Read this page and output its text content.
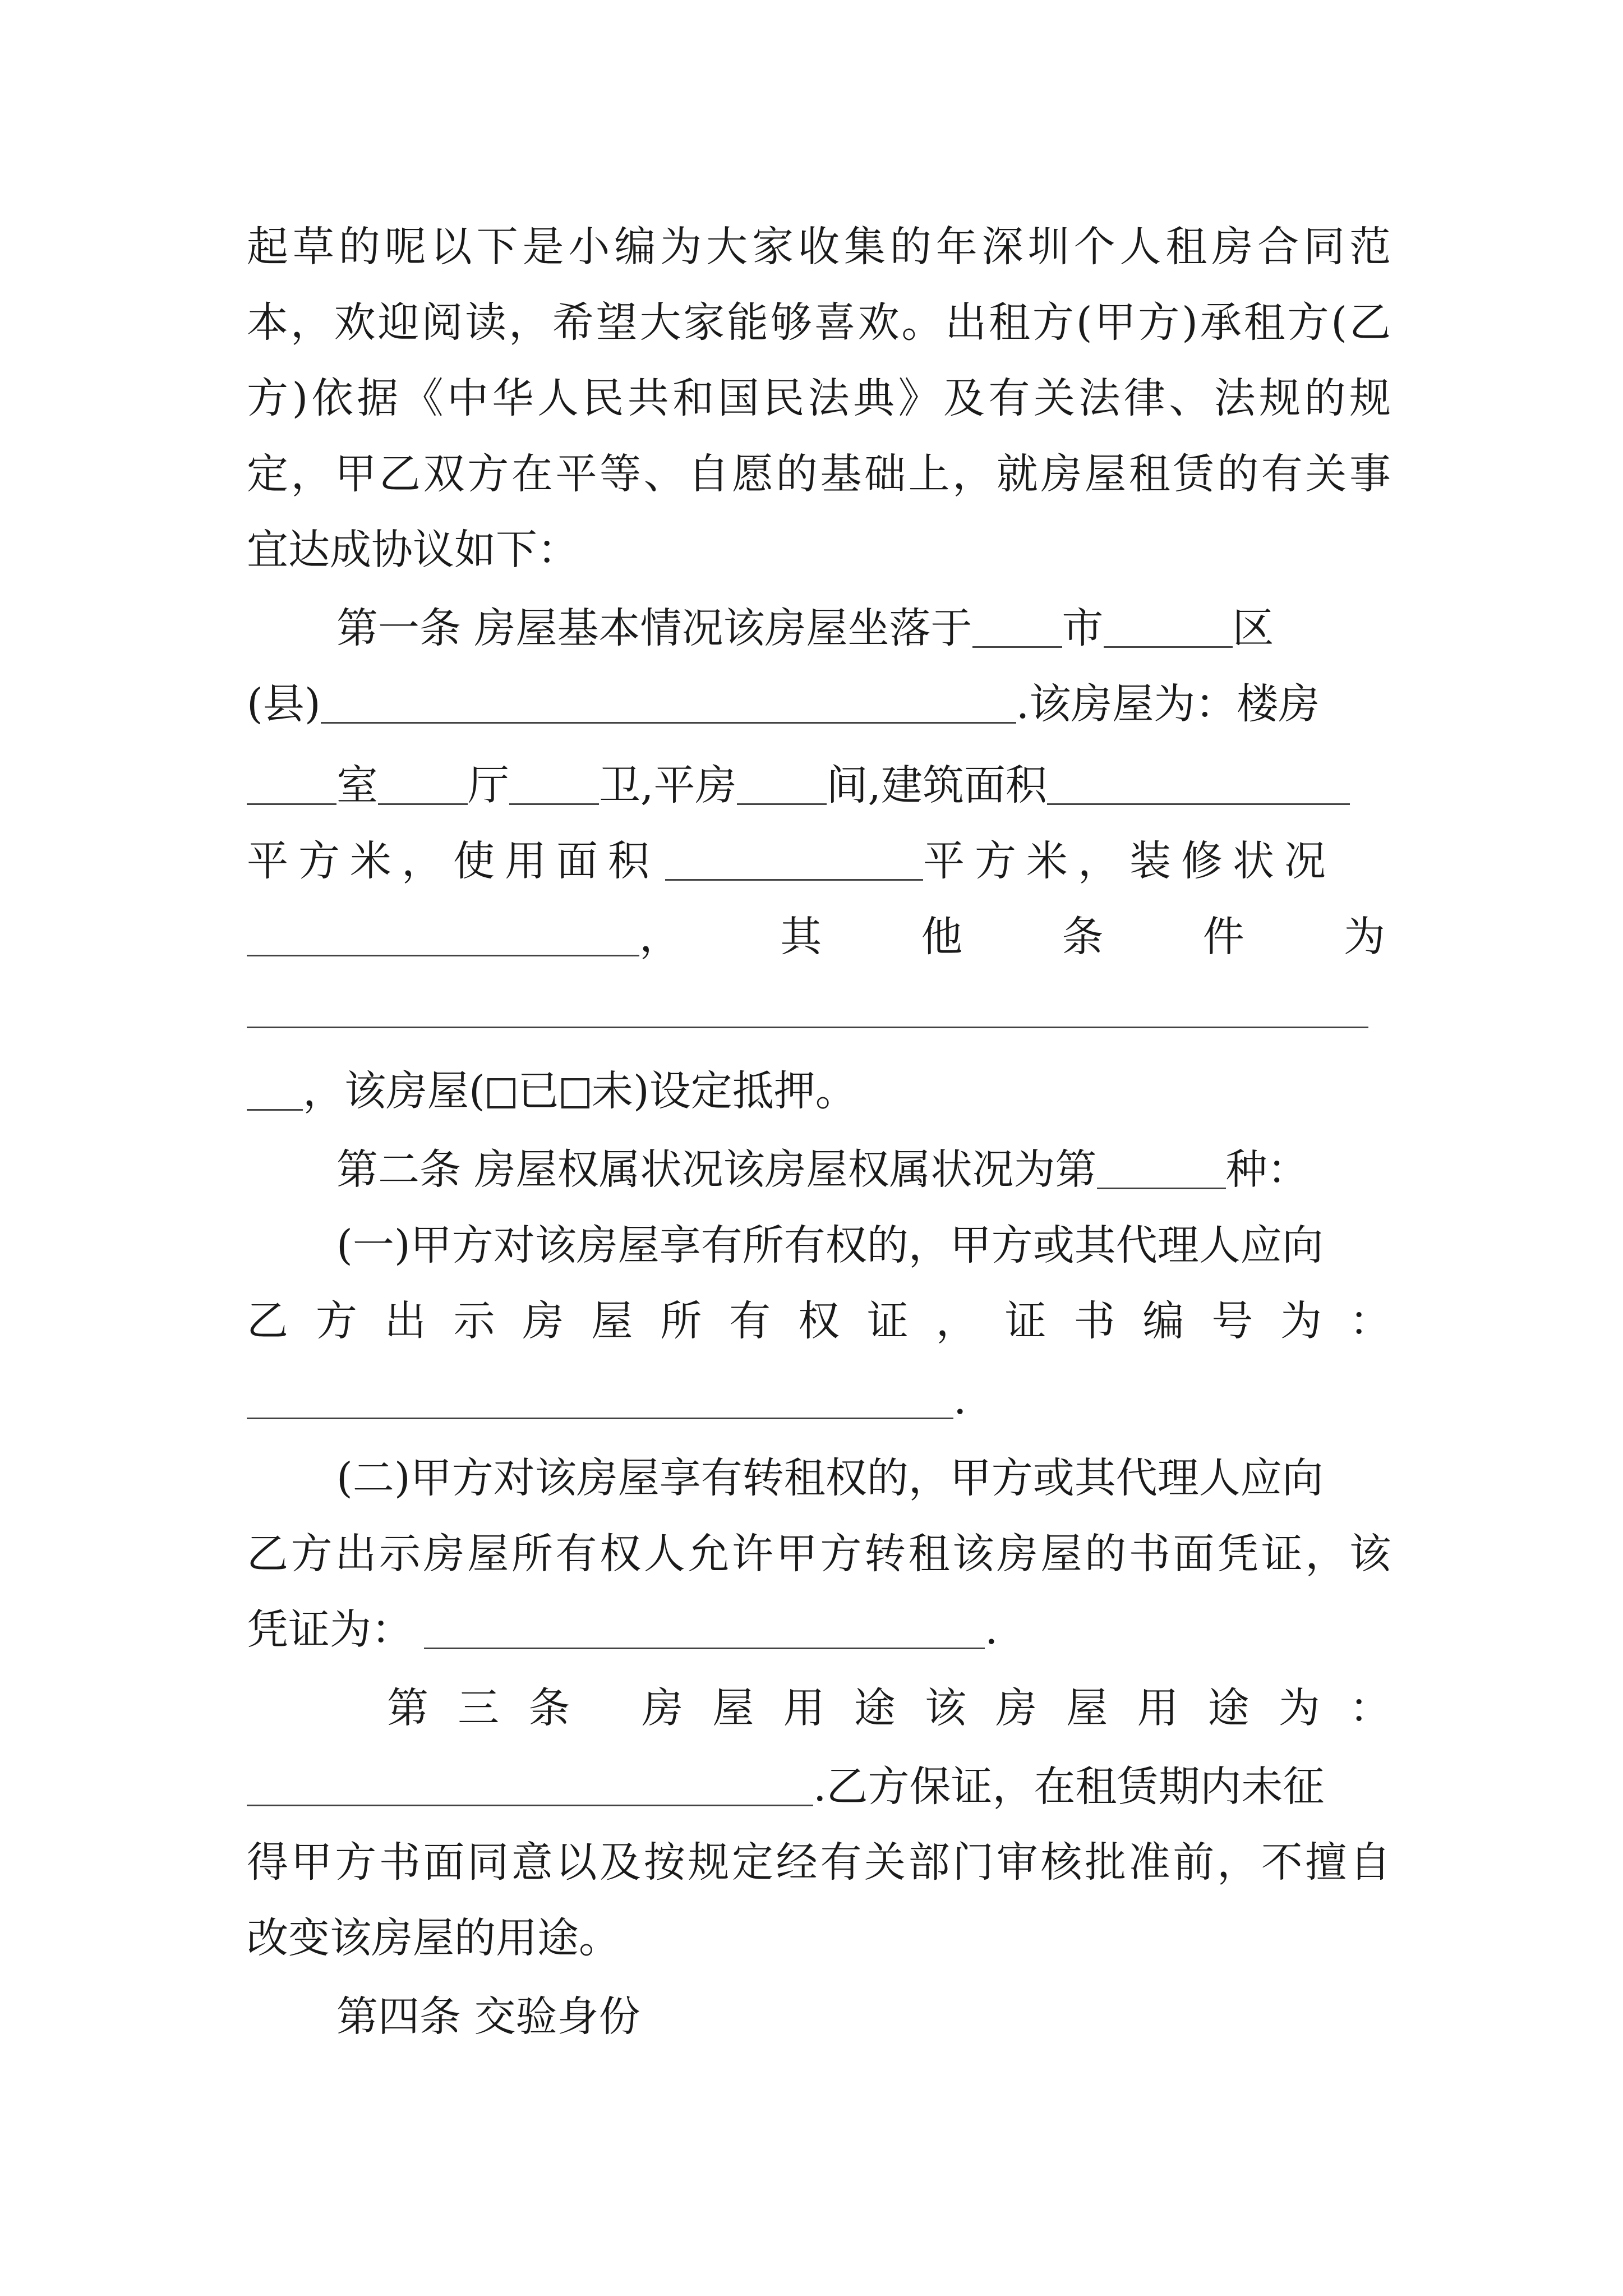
起草的呢以下是小编为大家收集的年深圳个人租房合同范
本，欢迎阅读，希望大家能够喜欢。出租方(甲方)承租方(乙
方)依据《中华人民共和国民法典》及有关法律、法规的规
定，甲乙双方在平等、自愿的基础上，就房屋租赁的有关事
宜达成协议如下：
第一条 房屋基本情况该房屋坐落于 市	区
(县)	.该房屋为：楼房
室 厅 卫,平房 间,建筑面积
平方米，使用面积	平方米，装修状况
，其他条件为
，该房屋( 已 未)设定抵押。
第二条 房屋权属状况该房屋权属状况为第	种：
(一)甲方对该房屋享有所有权的，甲方或其代理人应向
乙方出示房屋所有权证，证书编号为：
.
(二)甲方对该房屋享有转租权的，甲方或其代理人应向
乙方出示房屋所有权人允许甲方转租该房屋的书面凭证，该
凭证为：	.
第三条 房屋用途该房屋用途为：
.乙方保证，在租赁期内未征
得甲方书面同意以及按规定经有关部门审核批准前，不擅自
改变该房屋的用途。
第四条 交验身份
